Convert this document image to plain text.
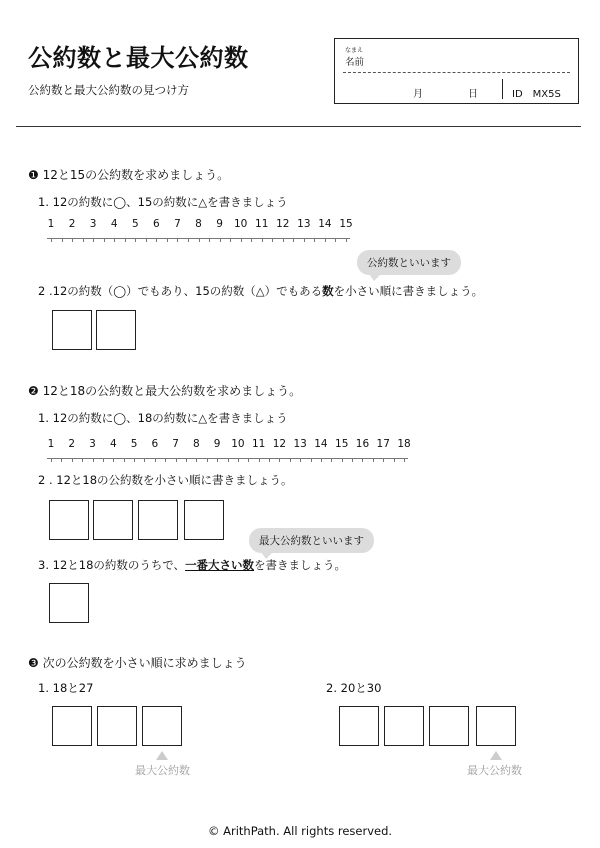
公約数と最大公約数
公約数と最大公約数の見つけ方
なまえ
名前
月	日	ID　MX5S
❶ 12と15の公約数を求めましょう。
1. 12の約数に◯、15の約数に△を書きましょう
1 2 3 4 5 6 7 8 9 10 11 12 13 14 15
公約数といいます
2 .12の約数（◯）でもあり、15の約数（△）でもある数を小さい順に書きましょう。
❷ 12と18の公約数と最大公約数を求めましょう。
1. 12の約数に◯、18の約数に△を書きましょう
1 2 3 4 5 6 7 8 9 10 11 12 13 14 15 16 17 18
2 . 12と18の公約数を小さい順に書きましょう。
最大公約数といいます
3. 12と18の約数のうちで、一番大さい数を書きましょう。
❸ 次の公約数を小さい順に求めましょう
1. 18と27	2. 20と30
最大公約数	最大公約数
© ArithPath. All rights reserved.
